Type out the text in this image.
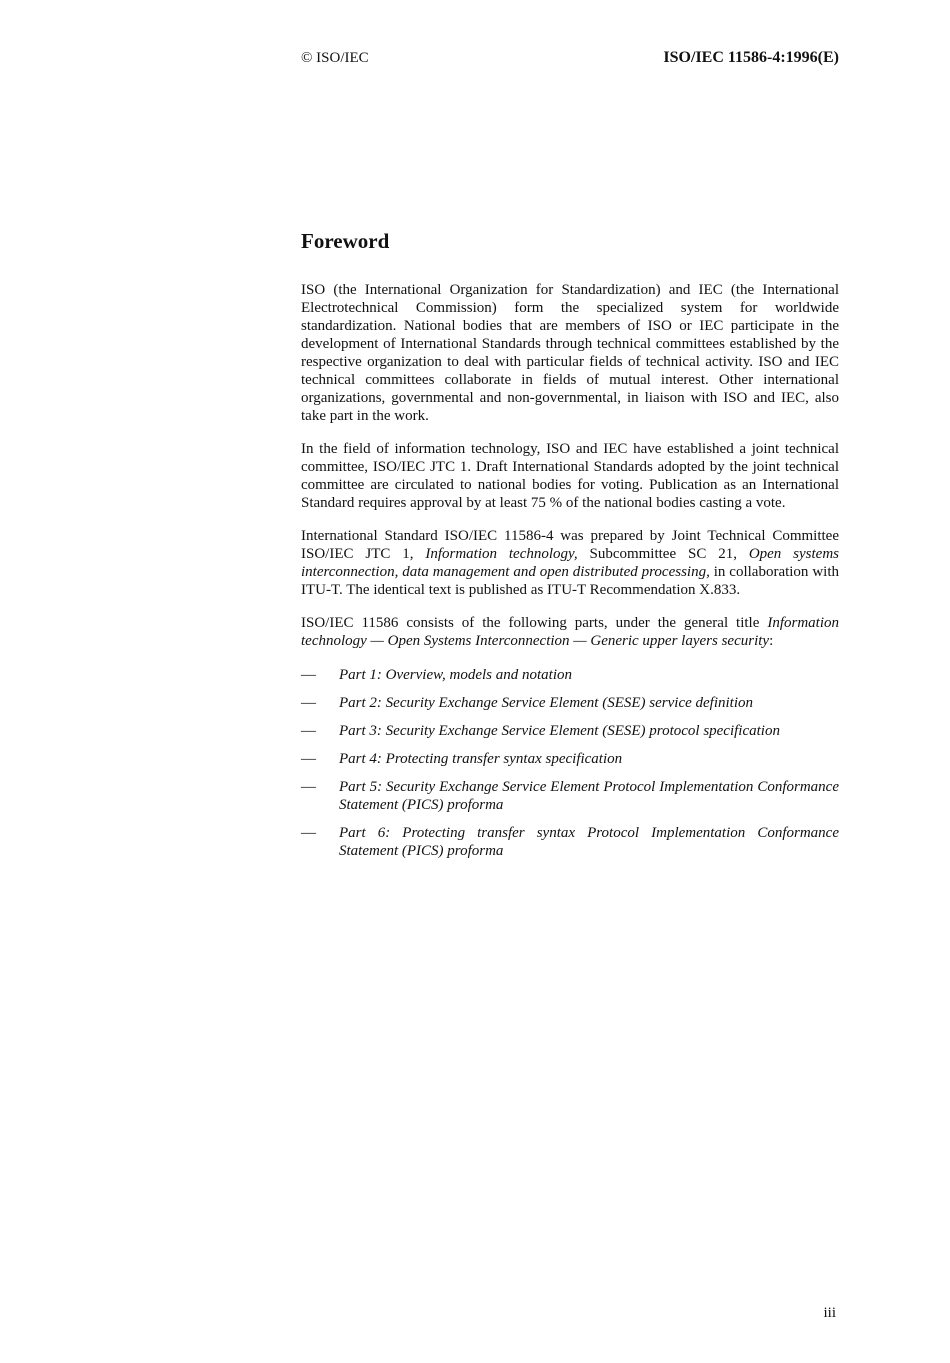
© ISO/IEC	ISO/IEC 11586-4:1996(E)
Foreword

ISO (the International Organization for Standardization) and IEC (the International Electrotechnical Commission) form the specialized system for worldwide standardization. National bodies that are members of ISO or IEC participate in the development of International Standards through technical committees established by the respective organization to deal with particular fields of technical activity. ISO and IEC technical committees collaborate in fields of mutual interest. Other international organizations, governmental and non-governmental, in liaison with ISO and IEC, also take part in the work.

In the field of information technology, ISO and IEC have established a joint technical committee, ISO/IEC JTC 1. Draft International Standards adopted by the joint technical committee are circulated to national bodies for voting. Publication as an International Standard requires approval by at least 75 % of the national bodies casting a vote.

International Standard ISO/IEC 11586-4 was prepared by Joint Technical Committee ISO/IEC JTC 1, Information technology, Subcommittee SC 21, Open systems interconnection, data management and open distributed processing, in collaboration with ITU-T. The identical text is published as ITU-T Recommendation X.833.

ISO/IEC 11586 consists of the following parts, under the general title Information technology — Open Systems Interconnection — Generic upper layers security:

— Part 1: Overview, models and notation
— Part 2: Security Exchange Service Element (SESE) service definition
— Part 3: Security Exchange Service Element (SESE) protocol specification
— Part 4: Protecting transfer syntax specification
— Part 5: Security Exchange Service Element Protocol Implementation Conformance Statement (PICS) proforma
— Part 6: Protecting transfer syntax Protocol Implementation Conformance Statement (PICS) proforma
iii
